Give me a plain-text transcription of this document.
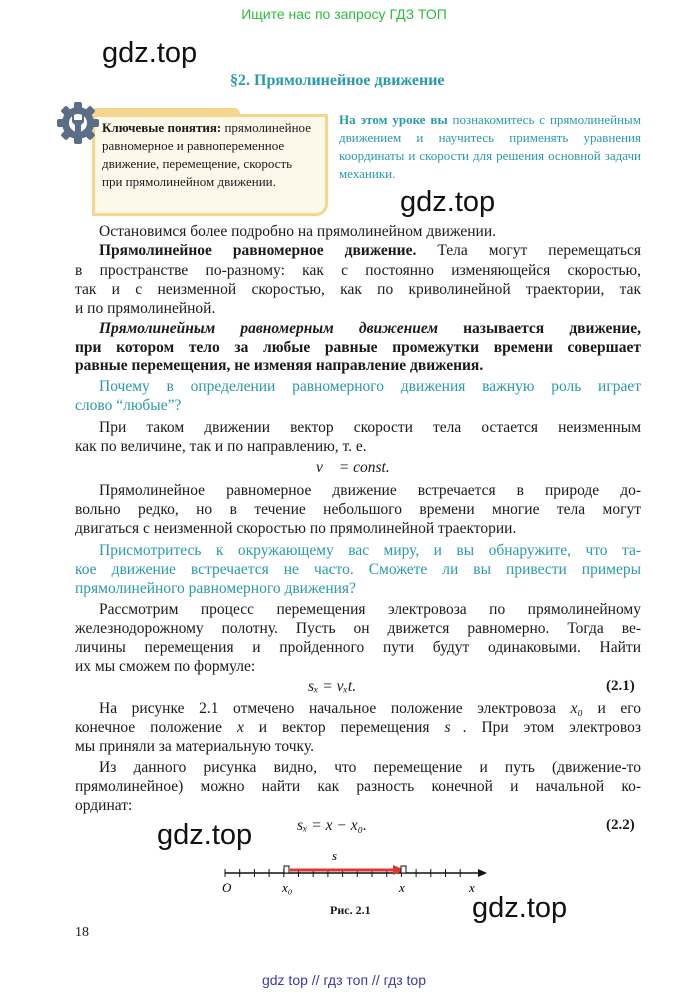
Ищите нас по запросу ГДЗ ТОП
gdz.top
gdz.top
gdz.top
gdz.top
§2. Прямолинейное движение
Ключевые понятия: прямолинейное равномерное и равнопеременное движение, перемещение, скорость при прямолинейном движении.
На этом уроке вы познакомитесь с прямолинейным движением и научитесь применять уравнения координаты и скорости для решения основной задачи механики.
Остановимся более подробно на прямолинейном движении.
Прямолинейное равномерное движение. Тела могут перемещаться
в пространстве по-разному: как с постоянно изменяющейся скоростью,
так и с неизменной скоростью, как по криволинейной траектории, так
и по прямолинейной.
Прямолинейным равномерным движением называется движение,
при котором тело за любые равные промежутки времени совершает
равные перемещения, не изменяя направление движения.
Почему в определении равномерного движения важную роль играет
слово “любые”?
При таком движении вектор скорости тела остается неизменным
как по величине, так и по направлению, т. е.
Прямолинейное равномерное движение встречается в природе до-
вольно редко, но в течение небольшого времени многие тела могут
двигаться с неизменной скоростью по прямолинейной траектории.
Присмотритесь к окружающему вас миру, и вы обнаружите, что та-
кое движение встречается не часто. Сможете ли вы привести примеры
прямолинейного равномерного движения?
Рассмотрим процесс перемещения электровоза по прямолинейному
железнодорожному полотну. Пусть он движется равномерно. Тогда ве-
личины перемещения и пройденного пути будут одинаковыми. Найти
их мы сможем по формуле:
На рисунке 2.1 отмечено начальное положение электровоза x₀ и его
конечное положение x и вектор перемещения s⃗. При этом электровоз
мы приняли за материальную точку.
Из данного рисунка видно, что перемещение и путь (движение-то
прямолинейное) можно найти как разность конечной и начальной ко-
ординат:
v⃗ = const.
sₓ = vₓt.	(2.1)
sₓ = x − x₀.	(2.2)
s⃗
O	x₀	x	x
Рис. 2.1
18
gdz top // гдз топ // гдз top
